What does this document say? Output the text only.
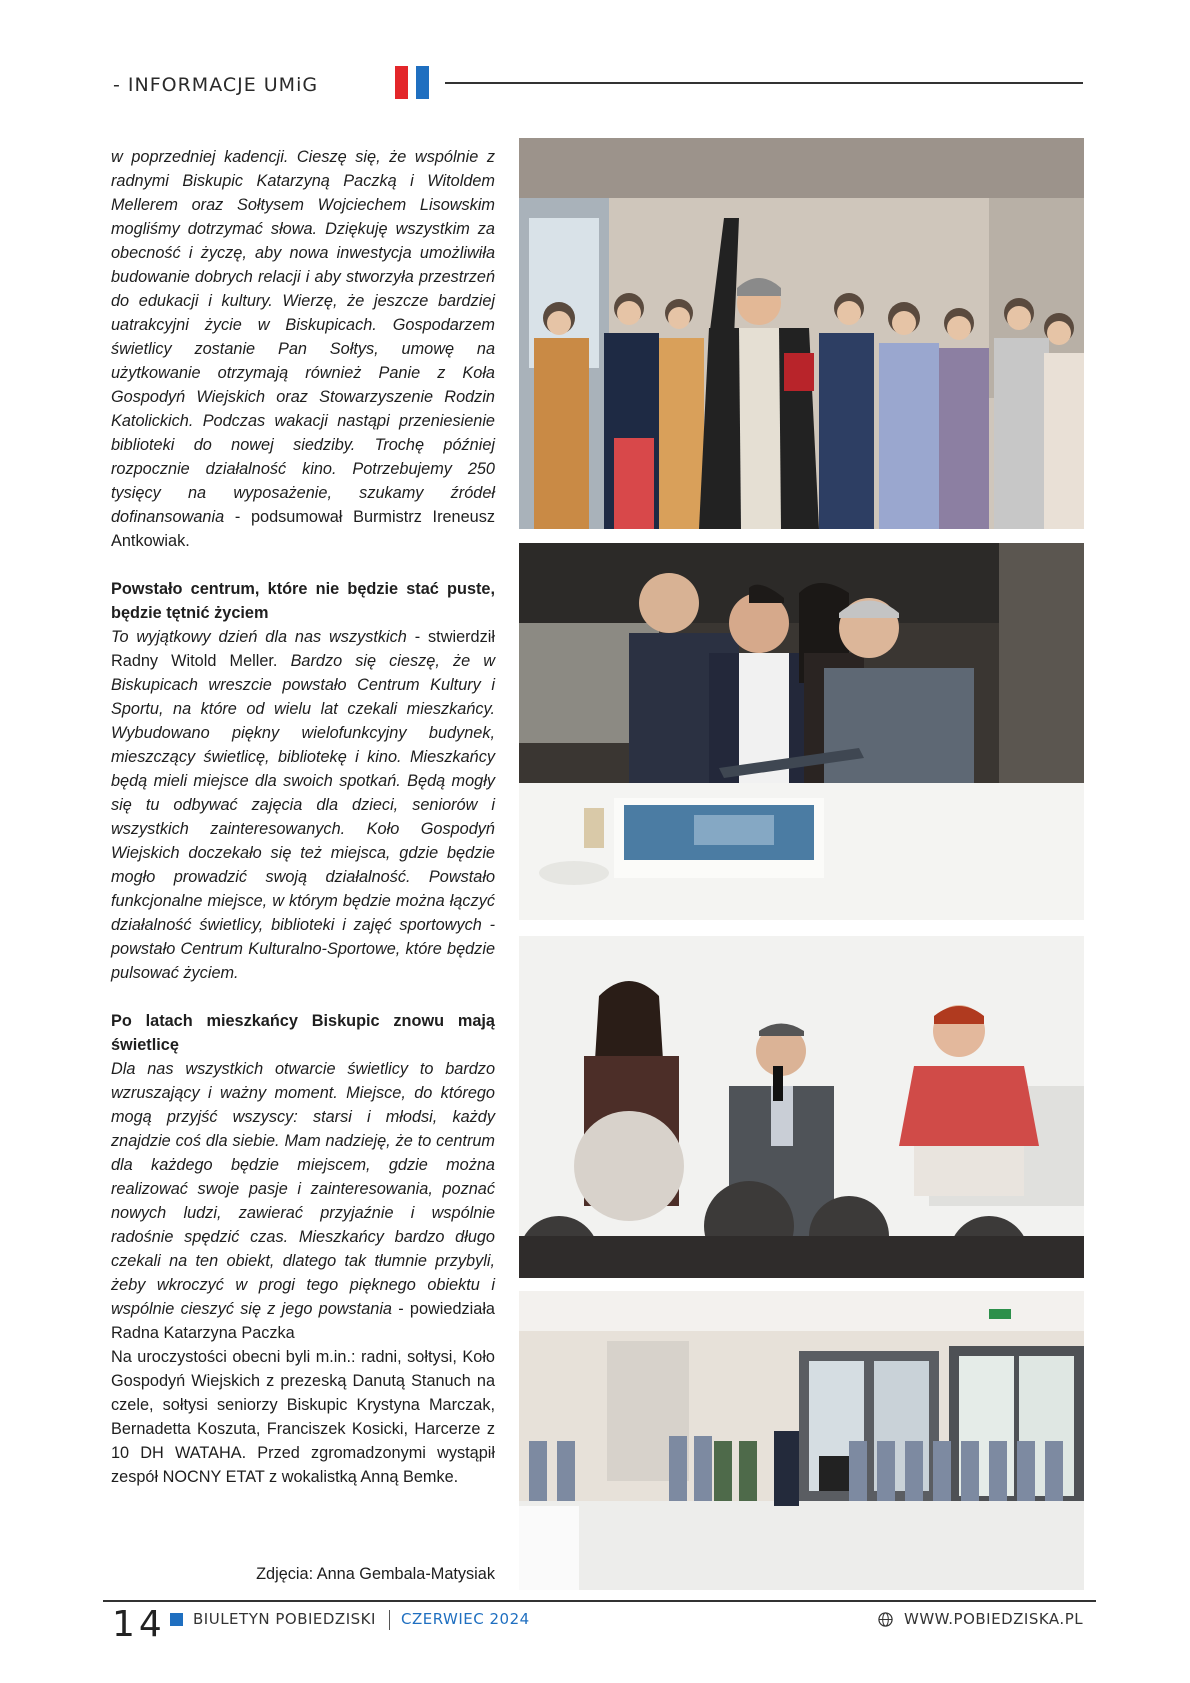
- INFORMACJE UMiG

w poprzedniej kadencji. Cieszę się, że wspólnie z radnymi Biskupic Katarzyną Paczką i Witoldem Mellerem oraz Sołtysem Wojciechem Lisowskim mogliśmy dotrzymać słowa. Dziękuję wszystkim za obecność i życzę, aby nowa inwestycja umożliwiła budowanie dobrych relacji i aby stworzyła przestrzeń do edukacji i kultury. Wierzę, że jeszcze bardziej uatrakcyjni życie w Biskupicach. Gospodarzem świetlicy zostanie Pan Sołtys, umowę na użytkowanie otrzymają również Panie z Koła Gospodyń Wiejskich oraz Stowarzyszenie Rodzin Katolickich. Podczas wakacji nastąpi przeniesienie biblioteki do nowej siedziby. Trochę później rozpocznie działalność kino. Potrzebujemy 250 tysięcy na wyposażenie, szukamy źródeł dofinansowania - podsumował Burmistrz Ireneusz Antkowiak.

Powstało centrum, które nie będzie stać puste, będzie tętnić życiem

To wyjątkowy dzień dla nas wszystkich - stwierdził Radny Witold Meller. Bardzo się cieszę, że w Biskupicach wreszcie powstało Centrum Kultury i Sportu, na które od wielu lat czekali mieszkańcy. Wybudowano piękny wielofunkcyjny budynek, mieszczący świetlicę, bibliotekę i kino. Mieszkańcy będą mieli miejsce dla swoich spotkań. Będą mogły się tu odbywać zajęcia dla dzieci, seniorów i wszystkich zainteresowanych. Koło Gospodyń Wiejskich doczekało się też miejsca, gdzie będzie mogło prowadzić swoją działalność. Powstało funkcjonalne miejsce, w którym będzie można łączyć działalność świetlicy, biblioteki i zajęć sportowych - powstało Centrum Kulturalno-Sportowe, które będzie pulsować życiem.

Po latach mieszkańcy Biskupic znowu mają świetlicę

Dla nas wszystkich otwarcie świetlicy to bardzo wzruszający i ważny moment. Miejsce, do którego mogą przyjść wszyscy: starsi i młodsi, każdy znajdzie coś dla siebie. Mam nadzieję, że to centrum dla każdego będzie miejscem, gdzie można realizować swoje pasje i zainteresowania, poznać nowych ludzi, zawierać przyjaźnie i wspólnie radośnie spędzić czas. Mieszkańcy bardzo długo czekali na ten obiekt, dlatego tak tłumnie przybyli, żeby wkroczyć w progi tego pięknego obiektu i wspólnie cieszyć się z jego powstania - powiedziała Radna Katarzyna Paczka

Na uroczystości obecni byli m.in.: radni, sołtysi, Koło Gospodyń Wiejskich z prezeską Danutą Stanuch na czele, sołtysi seniorzy Biskupic Krystyna Marczak, Bernadetta Koszuta, Franciszek Kosicki, Harcerze z 10 DH WATAHA. Przed zgromadzonymi wystąpił zespół NOCNY ETAT z wokalistką Anną Bemke.

Zdjęcia: Anna Gembala-Matysiak
14 BIULETYN POBIEDZISKI CZERWIEC 2024	WWW.POBIEDZISKA.PL
